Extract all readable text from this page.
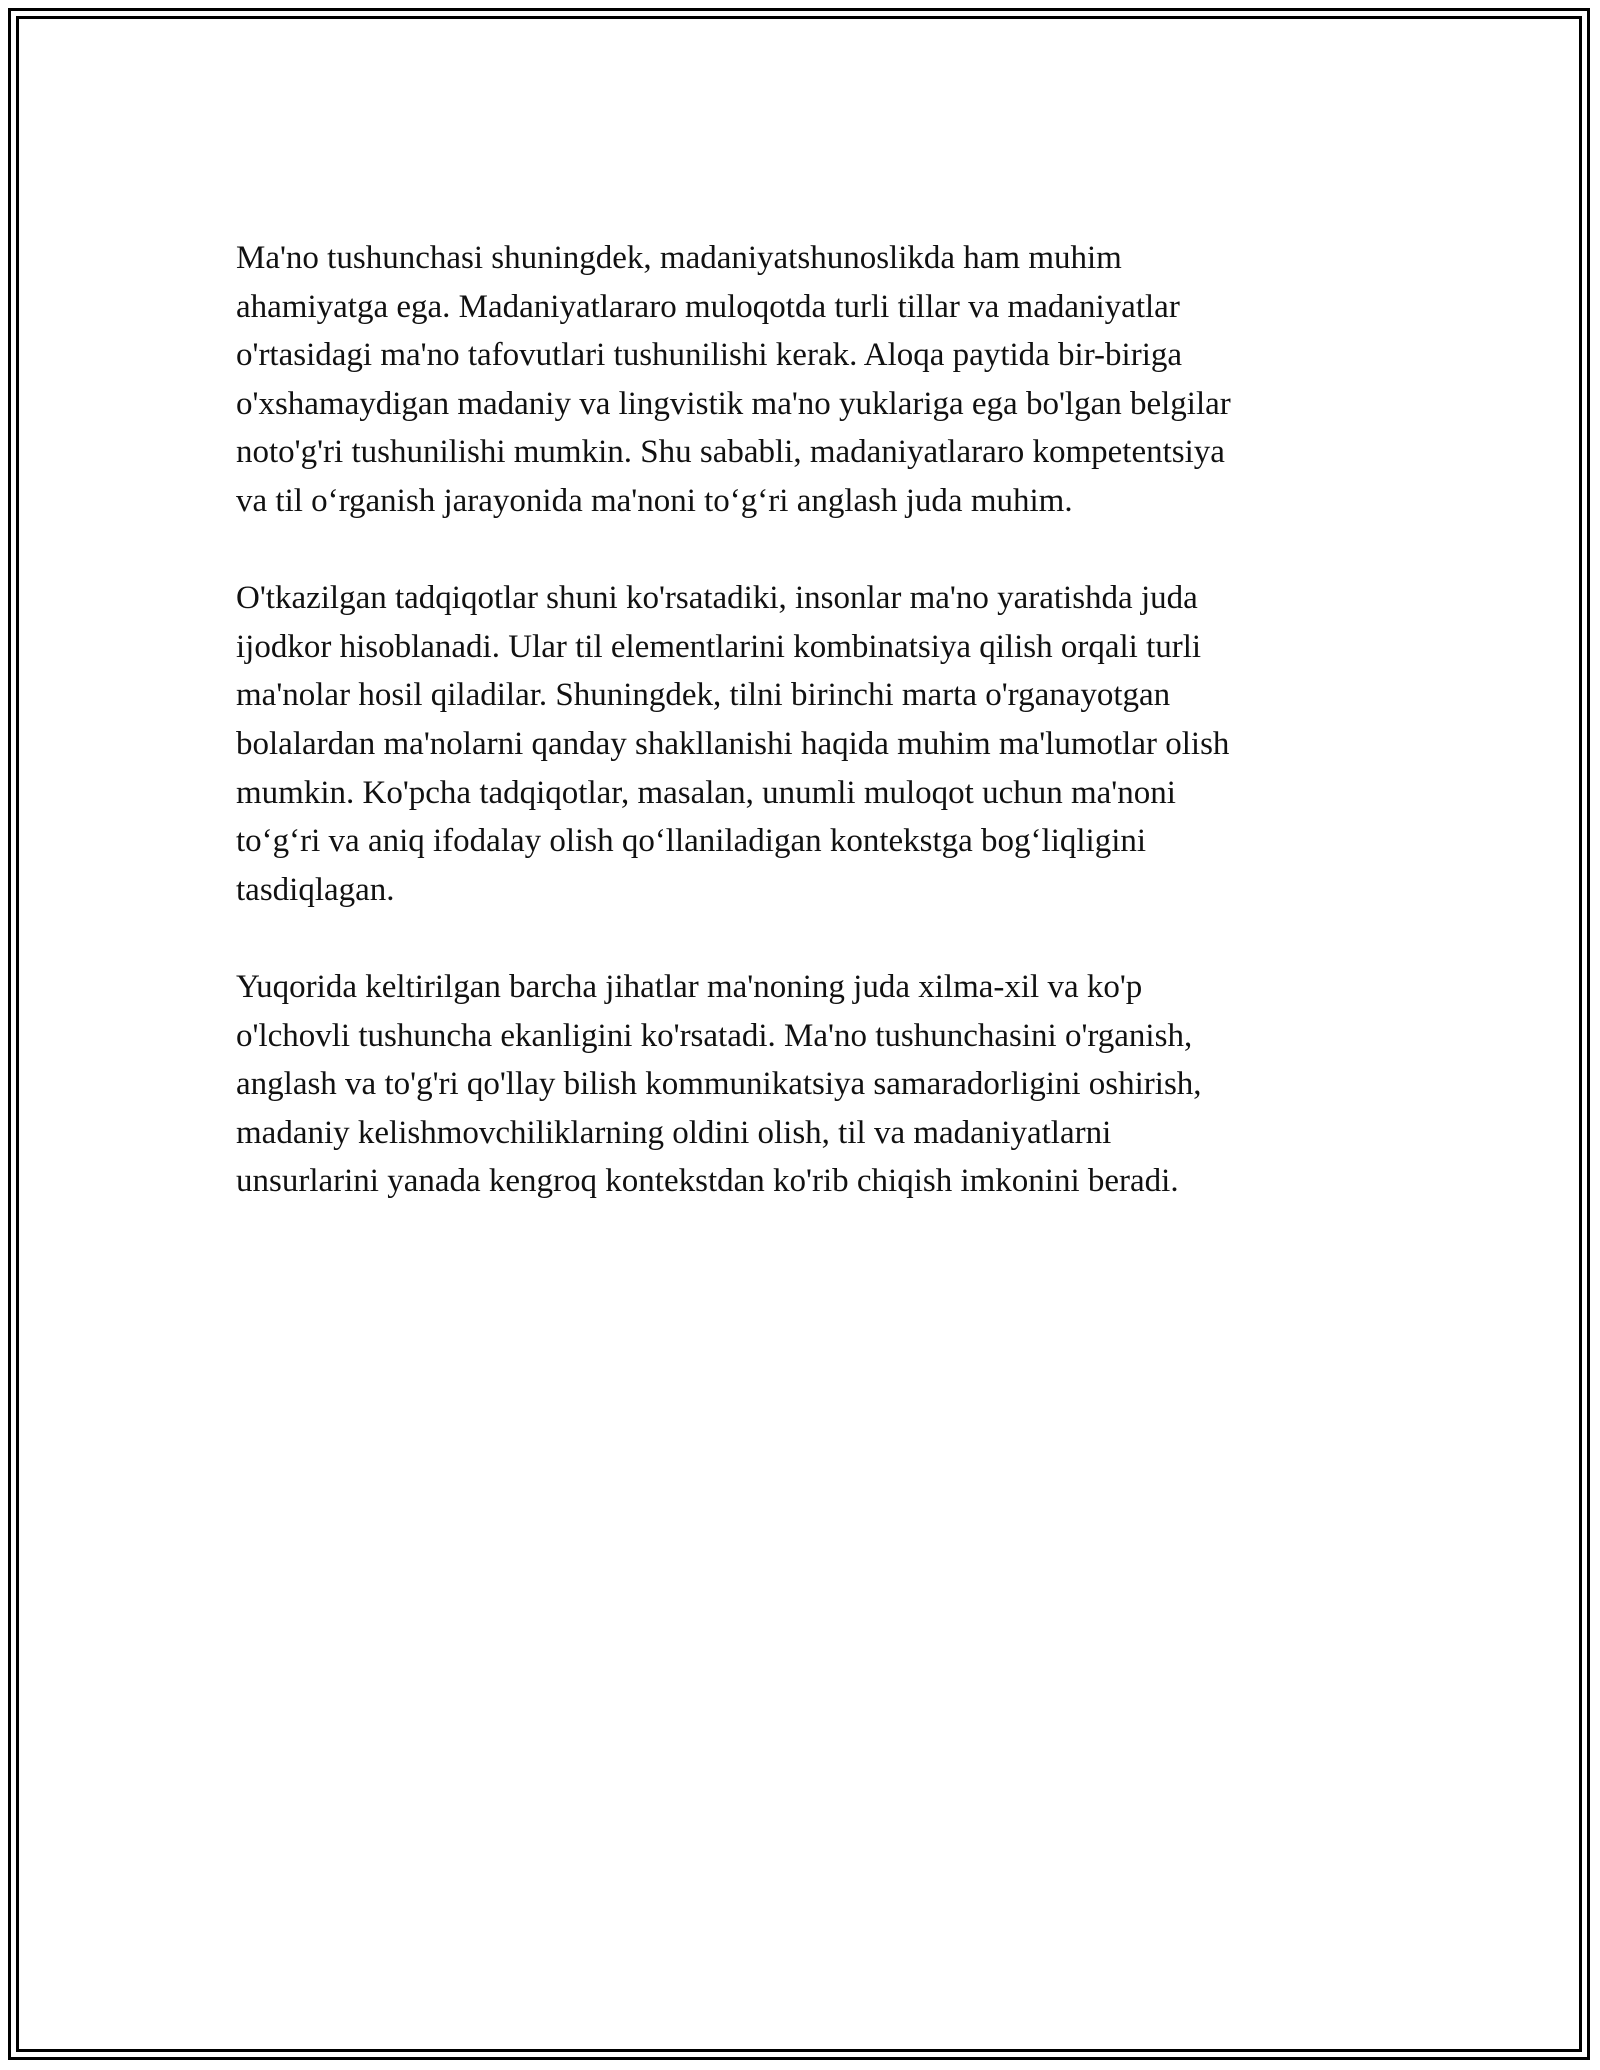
Ma'no tushunchasi shuningdek, madaniyatshunoslikda ham muhim
ahamiyatga ega. Madaniyatlararo muloqotda turli tillar va madaniyatlar
o'rtasidagi ma'no tafovutlari tushunilishi kerak. Aloqa paytida bir-biriga
o'xshamaydigan madaniy va lingvistik ma'no yuklariga ega bo'lgan belgilar
noto'g'ri tushunilishi mumkin. Shu sababli, madaniyatlararo kompetentsiya
va til o‘rganish jarayonida ma'noni to‘g‘ri anglash juda muhim.

O'tkazilgan tadqiqotlar shuni ko'rsatadiki, insonlar ma'no yaratishda juda
ijodkor hisoblanadi. Ular til elementlarini kombinatsiya qilish orqali turli
ma'nolar hosil qiladilar. Shuningdek, tilni birinchi marta o'rganayotgan
bolalardan ma'nolarni qanday shakllanishi haqida muhim ma'lumotlar olish
mumkin. Ko'pcha tadqiqotlar, masalan, unumli muloqot uchun ma'noni
to‘g‘ri va aniq ifodalay olish qo‘llaniladigan kontekstga bog‘liqligini
tasdiqlagan.

Yuqorida keltirilgan barcha jihatlar ma'noning juda xilma-xil va ko'p
o'lchovli tushuncha ekanligini ko'rsatadi. Ma'no tushunchasini o'rganish,
anglash va to'g'ri qo'llay bilish kommunikatsiya samaradorligini oshirish,
madaniy kelishmovchiliklarning oldini olish, til va madaniyatlarni
unsurlarini yanada kengroq kontekstdan ko'rib chiqish imkonini beradi.
